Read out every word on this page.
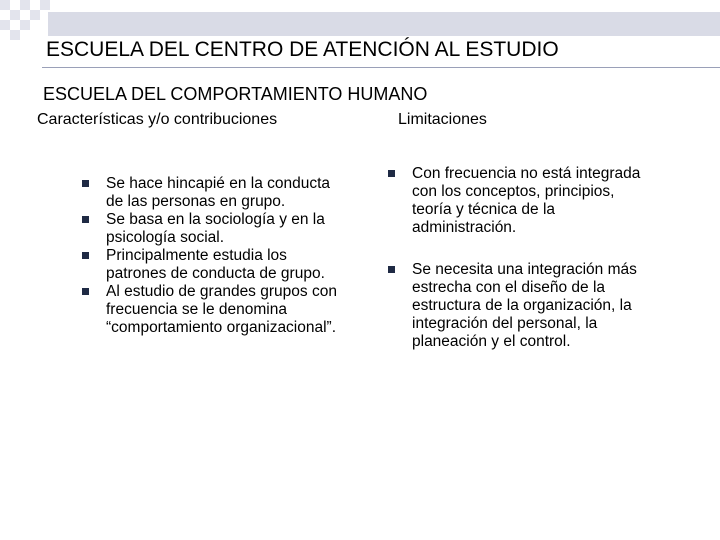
ESCUELA DEL CENTRO DE ATENCIÓN AL ESTUDIO
ESCUELA DEL COMPORTAMIENTO HUMANO
Características y/o contribuciones	Limitaciones
Se hace hincapié en la conducta de las personas en grupo.
Se basa en la sociología y en la psicología social.
Principalmente estudia los patrones de conducta de grupo.
Al estudio de grandes grupos con frecuencia se le denomina “comportamiento organizacional”.
Con frecuencia no está integrada con los conceptos, principios, teoría y técnica de la administración.
Se necesita una integración más estrecha con el diseño de la estructura de la organización, la integración del personal, la planeación y el control.
